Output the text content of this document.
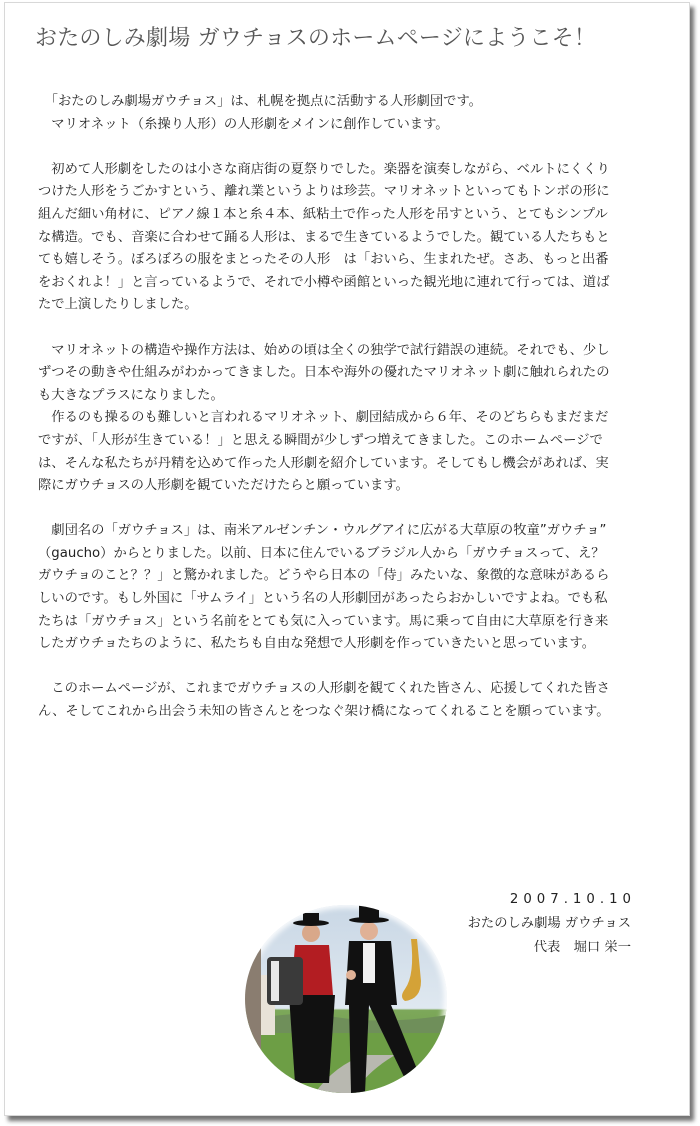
おたのしみ劇場 ガウチョスのホームページにようこそ！

　「おたのしみ劇場ガウチョス」は、札幌を拠点に活動する人形劇団です。
　マリオネット（糸操り人形）の人形劇をメインに創作しています。

　初めて人形劇をしたのは小さな商店街の夏祭りでした。楽器を演奏しながら、ベルトにくくり
つけた人形をうごかすという、離れ業というよりは珍芸。マリオネットといってもトンボの形に
組んだ細い角材に、ピアノ線１本と糸４本、紙粘土で作った人形を吊すという、とてもシンプル
な構造。でも、音楽に合わせて踊る人形は、まるで生きているようでした。観ている人たちもと
ても嬉しそう。ぼろぼろの服をまとったその人形　は「おいら、生まれたぜ。さあ、もっと出番
をおくれよ！」と言っているようで、それで小樽や函館といった観光地に連れて行っては、道ば
たで上演したりしました。

　マリオネットの構造や操作方法は、始めの頃は全くの独学で試行錯誤の連続。それでも、少し
ずつその動きや仕組みがわかってきました。日本や海外の優れたマリオネット劇に触れられたの
も大きなプラスになりました。
　作るのも操るのも難しいと言われるマリオネット、劇団結成から６年、そのどちらもまだまだ
ですが、「人形が生きている！」と思える瞬間が少しずつ増えてきました。このホームページで
は、そんな私たちが丹精を込めて作った人形劇を紹介しています。そしてもし機会があれば、実
際にガウチョスの人形劇を観ていただけたらと願っています。

　劇団名の「ガウチョス」は、南米アルゼンチン・ウルグアイに広がる大草原の牧童”ガウチョ”
（gaucho）からとりました。以前、日本に住んでいるブラジル人から「ガウチョスって、え？
ガウチョのこと？？」と驚かれました。どうやら日本の「侍」みたいな、象徴的な意味があるら
しいのです。もし外国に「サムライ」という名の人形劇団があったらおかしいですよね。でも私
たちは「ガウチョス」という名前をとても気に入っています。馬に乗って自由に大草原を行き来
したガウチョたちのように、私たちも自由な発想で人形劇を作っていきたいと思っています。

　このホームページが、これまでガウチョスの人形劇を観てくれた皆さん、応援してくれた皆さ
ん、そしてこれから出会う未知の皆さんとをつなぐ架け橋になってくれることを願っています。

2007.10.10
おたのしみ劇場 ガウチョス
代表　堀口 栄一
